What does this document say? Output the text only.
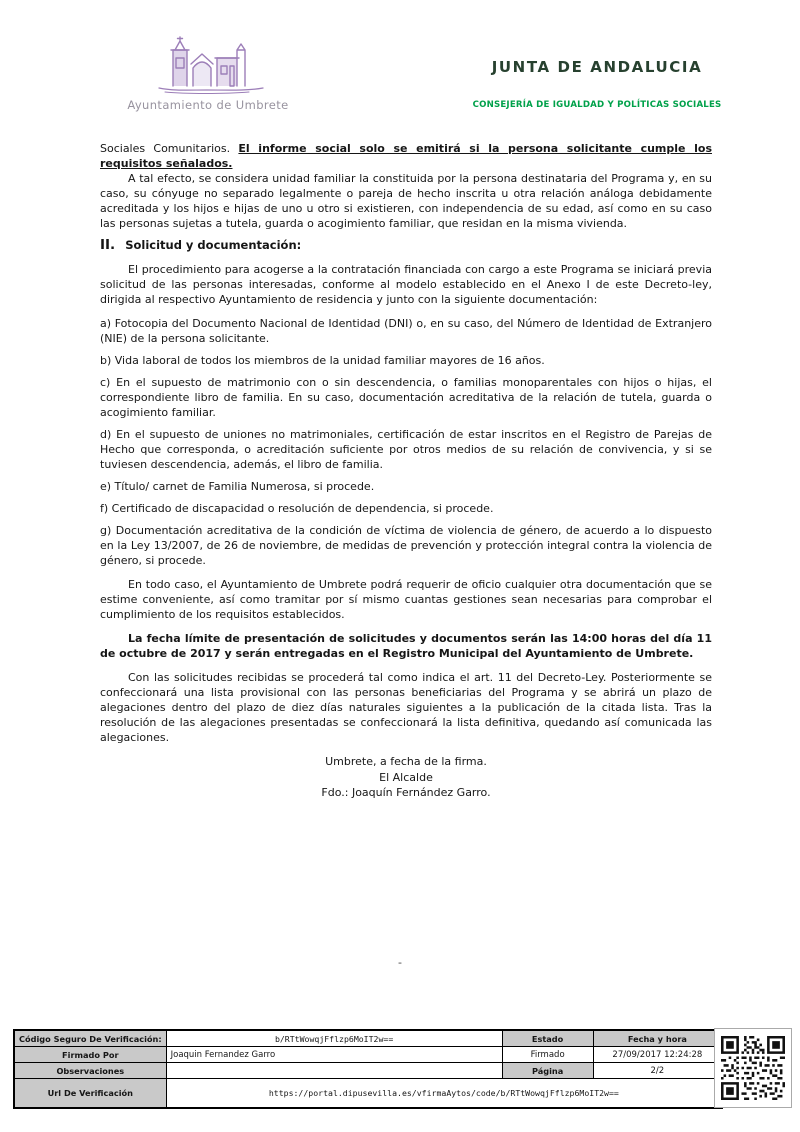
Ayuntamiento de Umbrete
JUNTA DE ANDALUCIA
CONSEJERÍA DE IGUALDAD Y POLÍTICAS SOCIALES

Sociales Comunitarios. El informe social solo se emitirá si la persona solicitante cumple los requisitos señalados.

A tal efecto, se considera unidad familiar la constituida por la persona destinataria del Programa y, en su caso, su cónyuge no separado legalmente o pareja de hecho inscrita u otra relación análoga debidamente acreditada y los hijos e hijas de uno u otro si existieren, con independencia de su edad, así como en su caso las personas sujetas a tutela, guarda o acogimiento familiar, que residan en la misma vivienda.

II. Solicitud y documentación:

El procedimiento para acogerse a la contratación financiada con cargo a este Programa se iniciará previa solicitud de las personas interesadas, conforme al modelo establecido en el Anexo I de este Decreto-ley, dirigida al respectivo Ayuntamiento de residencia y junto con la siguiente documentación:

a) Fotocopia del Documento Nacional de Identidad (DNI) o, en su caso, del Número de Identidad de Extranjero (NIE) de la persona solicitante.

b) Vida laboral de todos los miembros de la unidad familiar mayores de 16 años.

c) En el supuesto de matrimonio con o sin descendencia, o familias monoparentales con hijos o hijas, el correspondiente libro de familia. En su caso, documentación acreditativa de la relación de tutela, guarda o acogimiento familiar.

d) En el supuesto de uniones no matrimoniales, certificación de estar inscritos en el Registro de Parejas de Hecho que corresponda, o acreditación suficiente por otros medios de su relación de convivencia, y si se tuviesen descendencia, además, el libro de familia.

e) Título/ carnet de Familia Numerosa, si procede.

f) Certificado de discapacidad o resolución de dependencia, si procede.

g) Documentación acreditativa de la condición de víctima de violencia de género, de acuerdo a lo dispuesto en la Ley 13/2007, de 26 de noviembre, de medidas de prevención y protección integral contra la violencia de género, si procede.

En todo caso, el Ayuntamiento de Umbrete podrá requerir de oficio cualquier otra documentación que se estime conveniente, así como tramitar por sí mismo cuantas gestiones sean necesarias para comprobar el cumplimiento de los requisitos establecidos.

La fecha límite de presentación de solicitudes y documentos serán las 14:00 horas del día 11 de octubre de 2017 y serán entregadas en el Registro Municipal del Ayuntamiento de Umbrete.

Con las solicitudes recibidas se procederá tal como indica el art. 11 del Decreto-Ley. Posteriormente se confeccionará una lista provisional con las personas beneficiarias del Programa y se abrirá un plazo de alegaciones dentro del plazo de diez días naturales siguientes a la publicación de la citada lista. Tras la resolución de las alegaciones presentadas se confeccionará la lista definitiva, quedando así comunicada las alegaciones.

Umbrete, a fecha de la firma.
El Alcalde
Fdo.: Joaquín Fernández Garro.
-
Código Seguro De Verificación:	b/RTtWowqjFflzp6MoIT2w==	Estado	Fecha y hora
Firmado Por	Joaquin Fernandez Garro	Firmado	27/09/2017 12:24:28
Observaciones		Página	2/2
Url De Verificación	https://portal.dipusevilla.es/vfirmaAytos/code/b/RTtWowqjFflzp6MoIT2w==		
